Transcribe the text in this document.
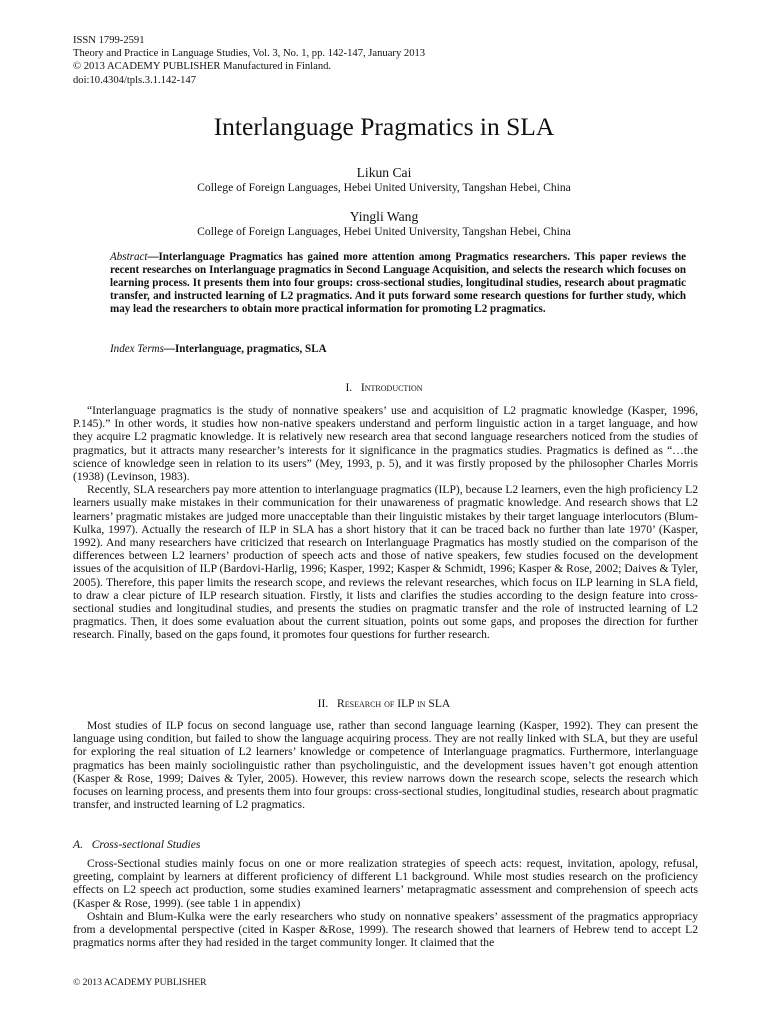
ISSN 1799-2591
Theory and Practice in Language Studies, Vol. 3, No. 1, pp. 142-147, January 2013
© 2013 ACADEMY PUBLISHER Manufactured in Finland.
doi:10.4304/tpls.3.1.142-147
Interlanguage Pragmatics in SLA
Likun Cai
College of Foreign Languages, Hebei United University, Tangshan Hebei, China
Yingli Wang
College of Foreign Languages, Hebei United University, Tangshan Hebei, China
Abstract—Interlanguage Pragmatics has gained more attention among Pragmatics researchers. This paper reviews the recent researches on Interlanguage pragmatics in Second Language Acquisition, and selects the research which focuses on learning process. It presents them into four groups: cross-sectional studies, longitudinal studies, research about pragmatic transfer, and instructed learning of L2 pragmatics. And it puts forward some research questions for further study, which may lead the researchers to obtain more practical information for promoting L2 pragmatics.
Index Terms—Interlanguage, pragmatics, SLA
I. Introduction

“Interlanguage pragmatics is the study of nonnative speakers’ use and acquisition of L2 pragmatic knowledge (Kasper, 1996, P.145).” In other words, it studies how non-native speakers understand and perform linguistic action in a target language, and how they acquire L2 pragmatic knowledge. It is relatively new research area that second language researchers noticed from the studies of pragmatics, but it attracts many researcher’s interests for it significance in the pragmatics studies. Pragmatics is defined as “…the science of knowledge seen in relation to its users” (Mey, 1993, p. 5), and it was firstly proposed by the philosopher Charles Morris (1938) (Levinson, 1983).

Recently, SLA researchers pay more attention to interlanguage pragmatics (ILP), because L2 learners, even the high proficiency L2 learners usually make mistakes in their communication for their unawareness of pragmatic knowledge. And research shows that L2 learners’ pragmatic mistakes are judged more unacceptable than their linguistic mistakes by their target language interlocutors (Blum-Kulka, 1997). Actually the research of ILP in SLA has a short history that it can be traced back no further than late 1970’ (Kasper, 1992). And many researchers have criticized that research on Interlanguage Pragmatics has mostly studied on the comparison of the differences between L2 learners’ production of speech acts and those of native speakers, few studies focused on the development issues of the acquisition of ILP (Bardovi-Harlig, 1996; Kasper, 1992; Kasper & Schmidt, 1996; Kasper & Rose, 2002; Daives & Tyler, 2005). Therefore, this paper limits the research scope, and reviews the relevant researches, which focus on ILP learning in SLA field, to draw a clear picture of ILP research situation. Firstly, it lists and clarifies the studies according to the design feature into cross-sectional studies and longitudinal studies, and presents the studies on pragmatic transfer and the role of instructed learning of L2 pragmatics. Then, it does some evaluation about the current situation, points out some gaps, and proposes the direction for further research. Finally, based on the gaps found, it promotes four questions for further research.

II. Research of ILP in SLA

Most studies of ILP focus on second language use, rather than second language learning (Kasper, 1992). They can present the language using condition, but failed to show the language acquiring process. They are not really linked with SLA, but they are useful for exploring the real situation of L2 learners’ knowledge or competence of Interlanguage pragmatics. Furthermore, interlanguage pragmatics has been mainly sociolinguistic rather than psycholinguistic, and the development issues haven’t got enough attention (Kasper & Rose, 1999; Daives & Tyler, 2005). However, this review narrows down the research scope, selects the research which focuses on learning process, and presents them into four groups: cross-sectional studies, longitudinal studies, research about pragmatic transfer, and instructed learning of L2 pragmatics.

A. Cross-sectional Studies

Cross-Sectional studies mainly focus on one or more realization strategies of speech acts: request, invitation, apology, refusal, greeting, complaint by learners at different proficiency of different L1 background. While most studies research on the proficiency effects on L2 speech act production, some studies examined learners’ metapragmatic assessment and comprehension of speech acts (Kasper & Rose, 1999). (see table 1 in appendix)

Oshtain and Blum-Kulka were the early researchers who study on nonnative speakers’ assessment of the pragmatics appropriacy from a developmental perspective (cited in Kasper &Rose, 1999). The research showed that learners of Hebrew tend to accept L2 pragmatics norms after they had resided in the target community longer. It claimed that the

© 2013 ACADEMY PUBLISHER
